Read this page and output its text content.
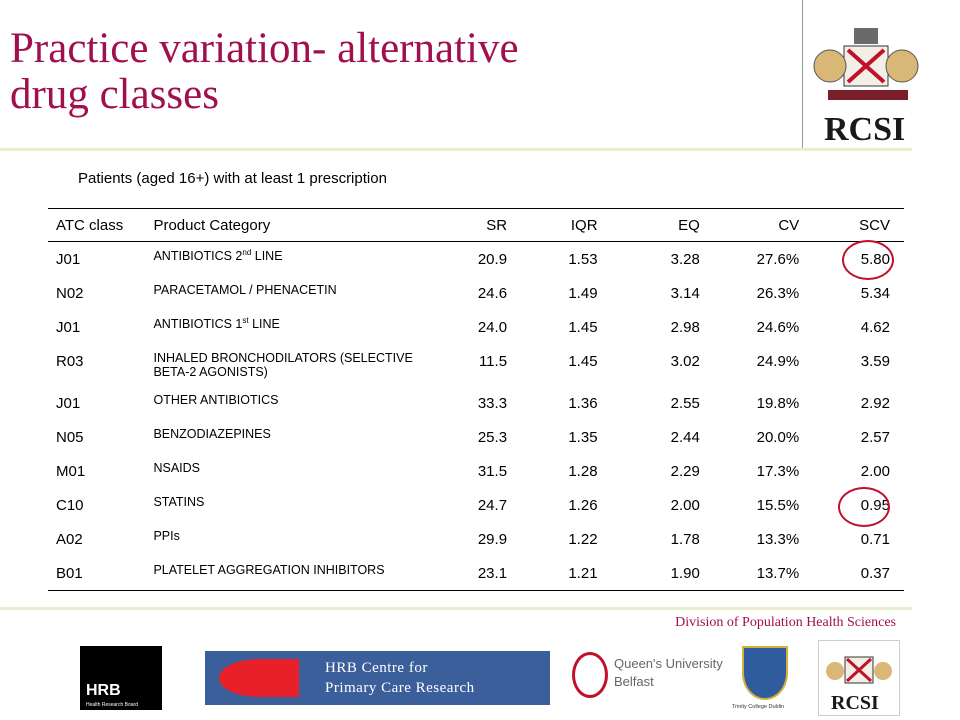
Practice variation- alternative
drug classes
RCSI
Patients (aged 16+) with at least 1 prescription
ATC class	Product Category	SR	IQR	EQ	CV	SCV
J01	ANTIBIOTICS 2nd LINE	20.9	1.53	3.28	27.6%	5.80
N02	PARACETAMOL / PHENACETIN	24.6	1.49	3.14	26.3%	5.34
J01	ANTIBIOTICS 1st LINE	24.0	1.45	2.98	24.6%	4.62
R03	INHALED BRONCHODILATORS (SELECTIVE BETA-2 AGONISTS)	11.5	1.45	3.02	24.9%	3.59
J01	OTHER ANTIBIOTICS	33.3	1.36	2.55	19.8%	2.92
N05	BENZODIAZEPINES	25.3	1.35	2.44	20.0%	2.57
M01	NSAIDS	31.5	1.28	2.29	17.3%	2.00
C10	STATINS	24.7	1.26	2.00	15.5%	0.95
A02	PPIs	29.9	1.22	1.78	13.3%	0.71
B01	PLATELET AGGREGATION INHIBITORS	23.1	1.21	1.90	13.7%	0.37
Division of Population Health Sciences
HRB
Health Research Board
HRB Centre for
Primary Care Research
Queen's University
Belfast
Trinity College Dublin RCSI
